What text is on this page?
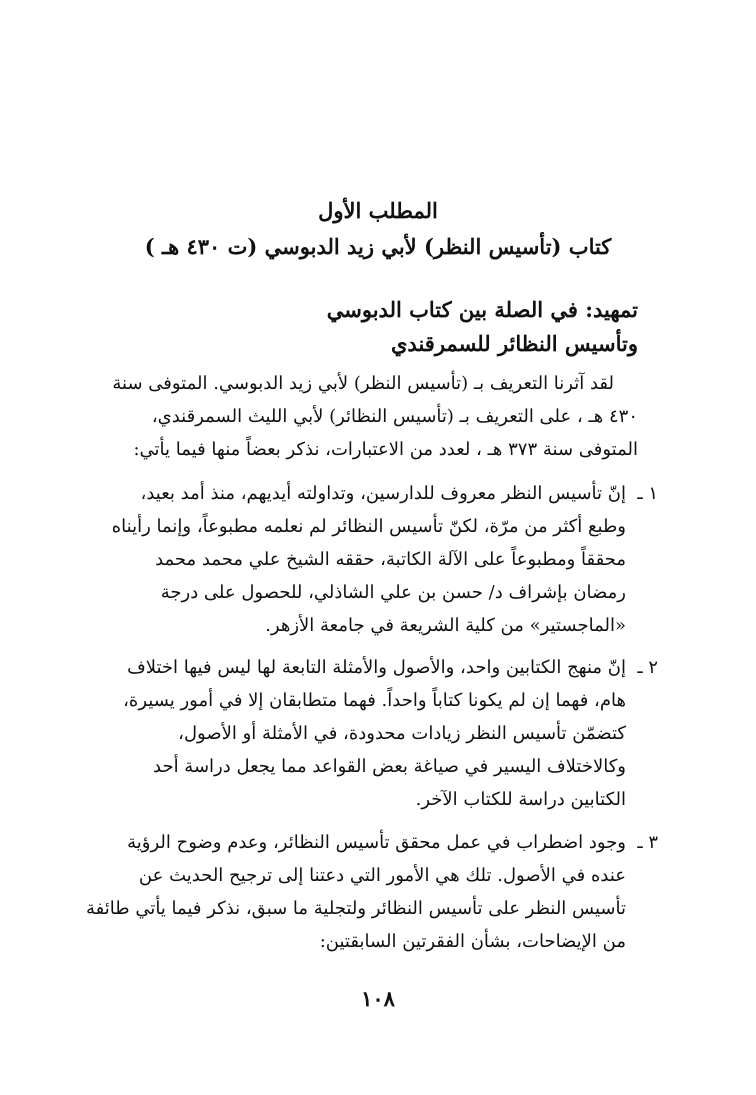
المطلب الأول
كتاب (تأسيس النظر) لأبي زيد الدبوسي (ت ٤٣٠ هـ )
تمهيد: في الصلة بين كتاب الدبوسي
وتأسيس النظائر للسمرقندي
لقد آثرنا التعريف بـ (تأسيس النظر) لأبي زيد الدبوسي. المتوفى سنة
٤٣٠ هـ ، على التعريف بـ (تأسيس النظائر) لأبي الليث السمرقندي،
المتوفى سنة ٣٧٣ هـ ، لعدد من الاعتبارات، نذكر بعضاً منها فيما يأتي:
١ ـ
إنّ تأسيس النظر معروف للدارسين، وتداولته أيديهم، منذ أمد بعيد،
وطبع أكثر من مرّة، لكنّ تأسيس النظائر لم نعلمه مطبوعاً، وإنما رأيناه
محققاً ومطبوعاً على الآلة الكاتبة، حققه الشيخ علي محمد محمد
رمضان بإشراف د/ حسن بن علي الشاذلي، للحصول على درجة
«الماجستير» من كلية الشريعة في جامعة الأزهر.
٢ ـ
إنّ منهج الكتابين واحد، والأصول والأمثلة التابعة لها ليس فيها اختلاف
هام، فهما إن لم يكونا كتاباً واحداً. فهما متطابقان إلا في أمور يسيرة،
كتضمّن تأسيس النظر زيادات محدودة، في الأمثلة أو الأصول،
وكالاختلاف اليسير في صياغة بعض القواعد مما يجعل دراسة أحد
الكتابين دراسة للكتاب الآخر.
٣ ـ
وجود اضطراب في عمل محقق تأسيس النظائر، وعدم وضوح الرؤية
عنده في الأصول. تلك هي الأمور التي دعتنا إلى ترجيح الحديث عن
تأسيس النظر على تأسيس النظائر ولتجلية ما سبق، نذكر فيما يأتي طائفة
من الإيضاحات، بشأن الفقرتين السابقتين:
١٠٨
